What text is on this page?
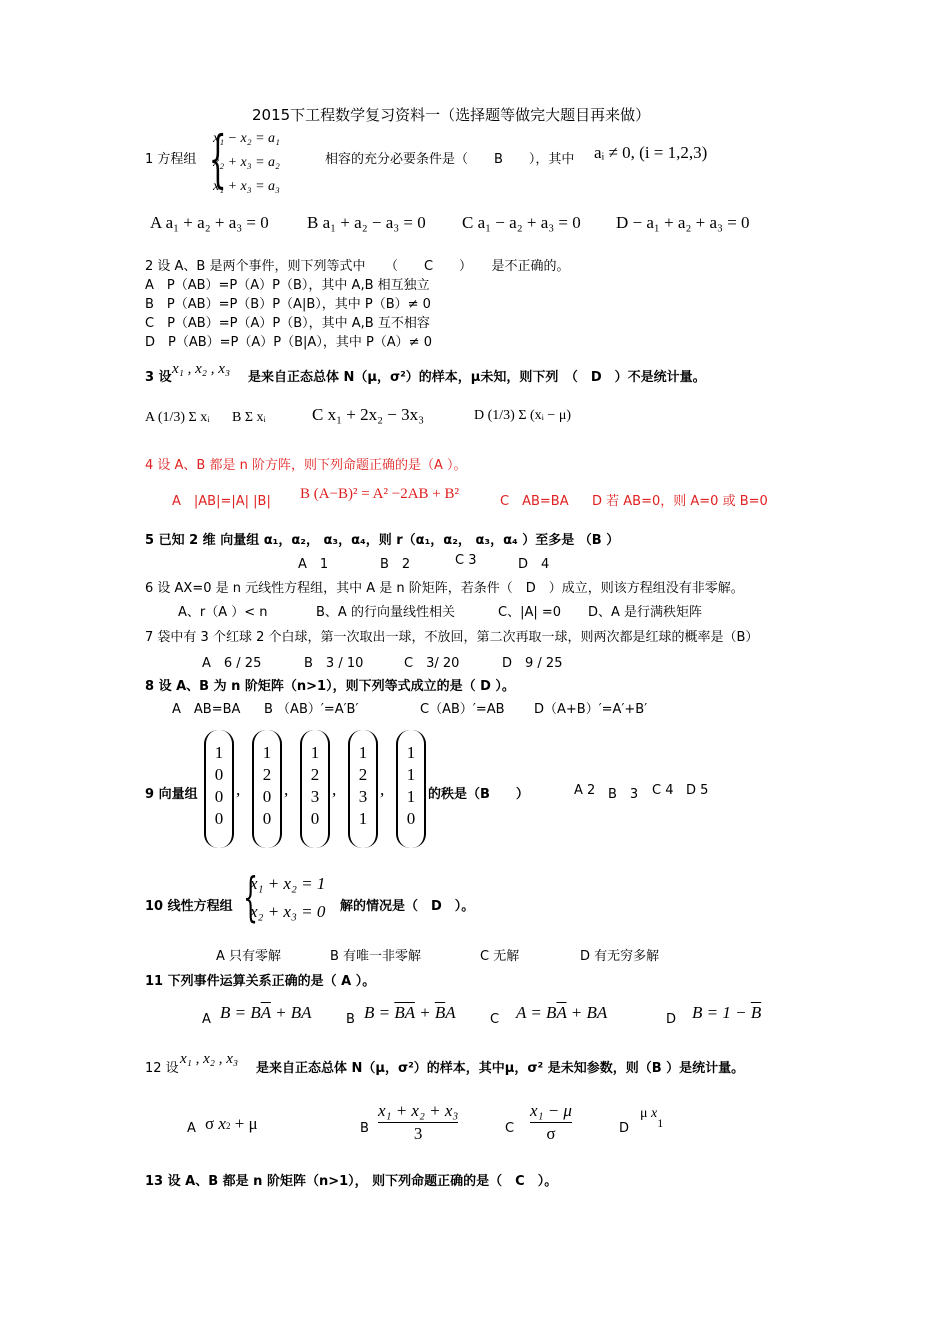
2015下工程数学复习资料一（选择题等做完大题目再来做）
1 方程组 {
x₁ − x₂ = a₁
x₂ + x₃ = a₂
x₁ + x₃ = a₃
相容的充分必要条件是（　　B　　），其中 aᵢ ≠ 0, (i = 1,2,3)
A a₁ + a₂ + a₃ = 0 B a₁ + a₂ − a₃ = 0 C a₁ − a₂ + a₃ = 0 D − a₁ + a₂ + a₃ = 0
2 设 A、B 是两个事件，则下列等式中　　（　　C　　）　　是不正确的。
A　P（AB）=P（A）P（B），其中 A,B 相互独立
B　P（AB）=P（B）P（A|B），其中 P（B）≠ 0
C　P（AB）=P（A）P（B），其中 A,B 互不相容
D　P（AB）=P（A）P（B|A），其中 P（A）≠ 0
3 设
x₁ , x₂ , x₃
是来自正态总体 N（μ，σ²）的样本，μ未知，则下列　（　D　）不是统计量。
A (1/3) Σ xᵢ B Σ xᵢ	C x₁ + 2x₂ − 3x₃	D (1/3) Σ (xᵢ − μ)
4 设 A、B 都是 n 阶方阵，则下列命题正确的是（A ）。
A　|AB|=|A| |B| B (A−B)² = A² −2AB + B²	C　AB=BA D 若 AB=0，则 A=0 或 B=0
5 已知 2 维 向量组 α₁，α₂， α₃，α₄，则 r（α₁，α₂， α₃，α₄ ）至多是 （B ）
A　1	B　2	C 3	D　4
6 设 AX=0 是 n 元线性方程组，其中 A 是 n 阶矩阵，若条件（　D　）成立，则该方程组没有非零解。
A、r（A ）< n	B、A 的行向量线性相关	C、|A| =0 D、A 是行满秩矩阵
7 袋中有 3 个红球 2 个白球，第一次取出一球，不放回，第二次再取一球，则两次都是红球的概率是（B）
A　6 / 25	B　3 / 10	C　3/ 20	D　9 / 25
8 设 A、B 为 n 阶矩阵（n>1），则下列等式成立的是（ D ）。
A　AB=BA B （AB）′=A′B′	C（AB）′=AB D（A+B）′=A′+B′
9 向量组
1
0
0
0
,
1
2
0
0
,
1
2
3
0
,
1
2
3
1
,
1
1
1
0
的秩是（B　　）	A 2 B　3 C 4 D 5
10 线性方程组 {
x₁ + x₂ = 1
x₂ + x₃ = 0 解的情况是（　D　）。
A 只有零解	B 有唯一非零解	C 无解	D 有无穷多解
11 下列事件运算关系正确的是（ A ）。
A $B = B\overline{A}$ + BA	B $B = \overline{BA} + \overline{B}A$	C $A = B\overline{A}$ + BA	D $B = 1 - \overline{B}$
12 设
x₁ , x₂ , x₃
是来自正态总体 N（μ，σ²）的样本，其中μ，σ² 是未知参数，则（B ）是统计量。
A σ x2 + μ	B
x₁ + x₂ + x₃
3	C
x₁ − μ
σ	D
μ x1
13 设 A、B 都是 n 阶矩阵（n>1）， 则下列命题正确的是（　C　）。
